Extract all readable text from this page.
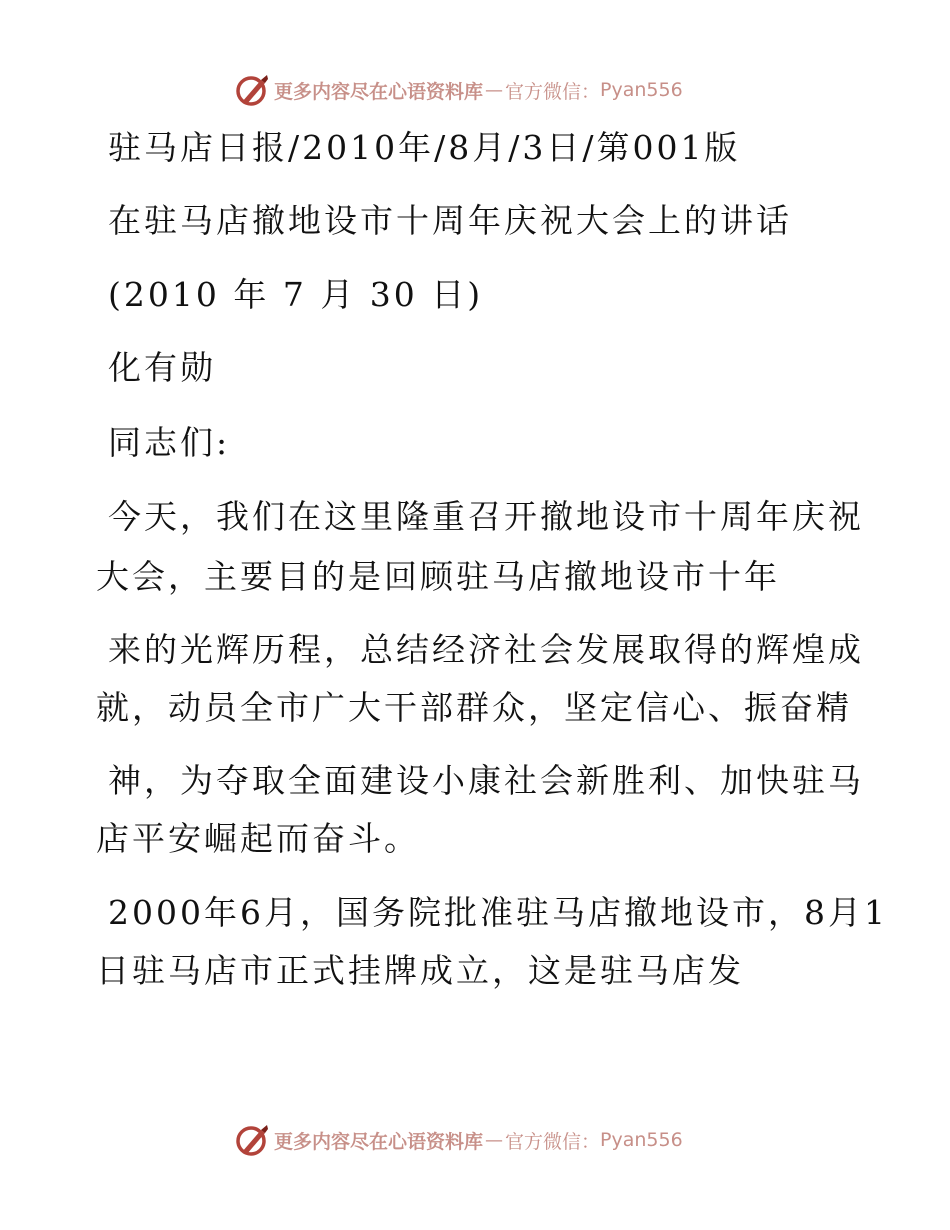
更多内容尽在心语资料库 — 官方微信： Pyan556
驻马店日报/2010年/8月/3日/第001版
在驻马店撤地设市十周年庆祝大会上的讲话
(2010 年 7 月 30 日)
化有勋
同志们:
今天，我们在这里隆重召开撤地设市十周年庆祝
大会，主要目的是回顾驻马店撤地设市十年
来的光辉历程，总结经济社会发展取得的辉煌成
就，动员全市广大干部群众，坚定信心、振奋精
神，为夺取全面建设小康社会新胜利、加快驻马
店平安崛起而奋斗。
2000年6月，国务院批准驻马店撤地设市，8月1
日驻马店市正式挂牌成立，这是驻马店发
更多内容尽在心语资料库 — 官方微信： Pyan556
